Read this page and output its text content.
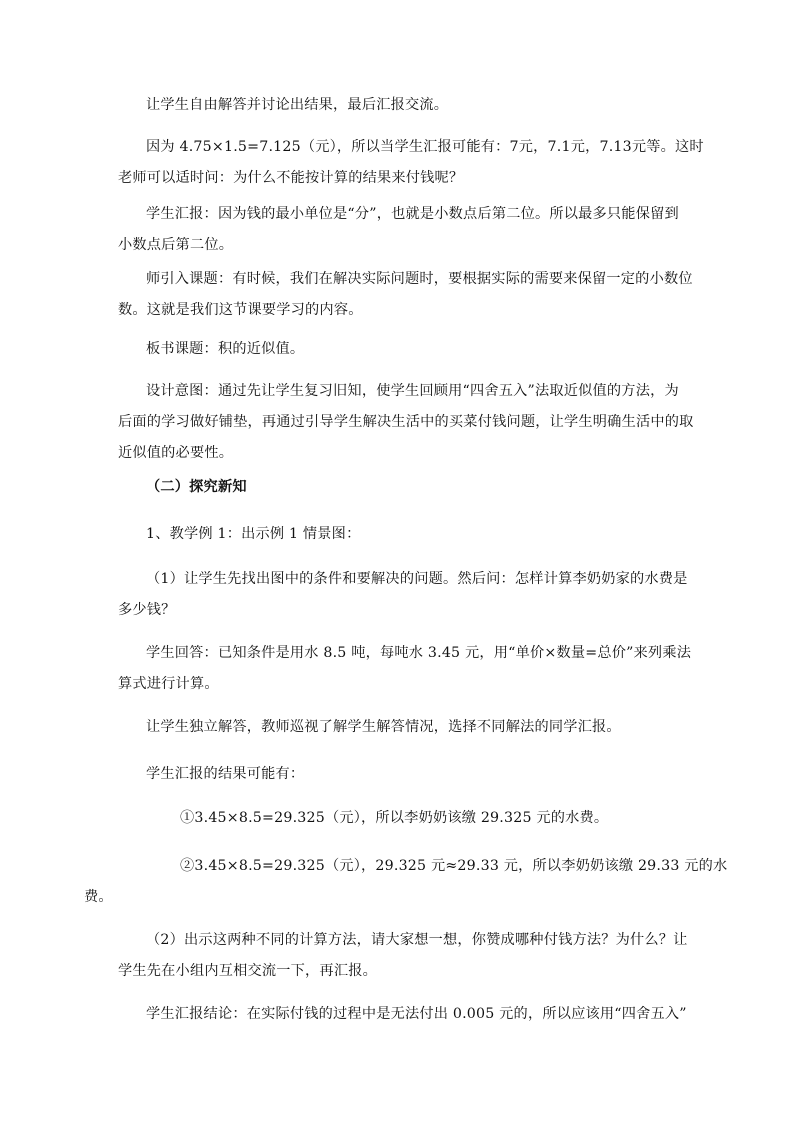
让学生自由解答并讨论出结果，最后汇报交流。

因为 4.75×1.5=7.125（元），所以当学生汇报可能有：7元，7.1元，7.13元等。这时
老师可以适时问：为什么不能按计算的结果来付钱呢？

学生汇报：因为钱的最小单位是“分”，也就是小数点后第二位。所以最多只能保留到
小数点后第二位。

师引入课题：有时候，我们在解决实际问题时，要根据实际的需要来保留一定的小数位
数。这就是我们这节课要学习的内容。

板书课题：积的近似值。

设计意图：通过先让学生复习旧知，使学生回顾用“四舍五入”法取近似值的方法，为
后面的学习做好铺垫，再通过引导学生解决生活中的买菜付钱问题，让学生明确生活中的取
近似值的必要性。

（二）探究新知

1、教学例 1：出示例 1 情景图：

（1）让学生先找出图中的条件和要解决的问题。然后问：怎样计算李奶奶家的水费是
多少钱？

学生回答：已知条件是用水 8.5 吨，每吨水 3.45 元，用“单价×数量=总价”来列乘法
算式进行计算。

让学生独立解答，教师巡视了解学生解答情况，选择不同解法的同学汇报。

学生汇报的结果可能有：

①3.45×8.5=29.325（元），所以李奶奶该缴 29.325 元的水费。

②3.45×8.5=29.325（元），29.325 元≈29.33 元，所以李奶奶该缴 29.33 元的水
费。

（2）出示这两种不同的计算方法，请大家想一想，你赞成哪种付钱方法？为什么？让
学生先在小组内互相交流一下，再汇报。

学生汇报结论：在实际付钱的过程中是无法付出 0.005 元的，所以应该用“四舍五入”
